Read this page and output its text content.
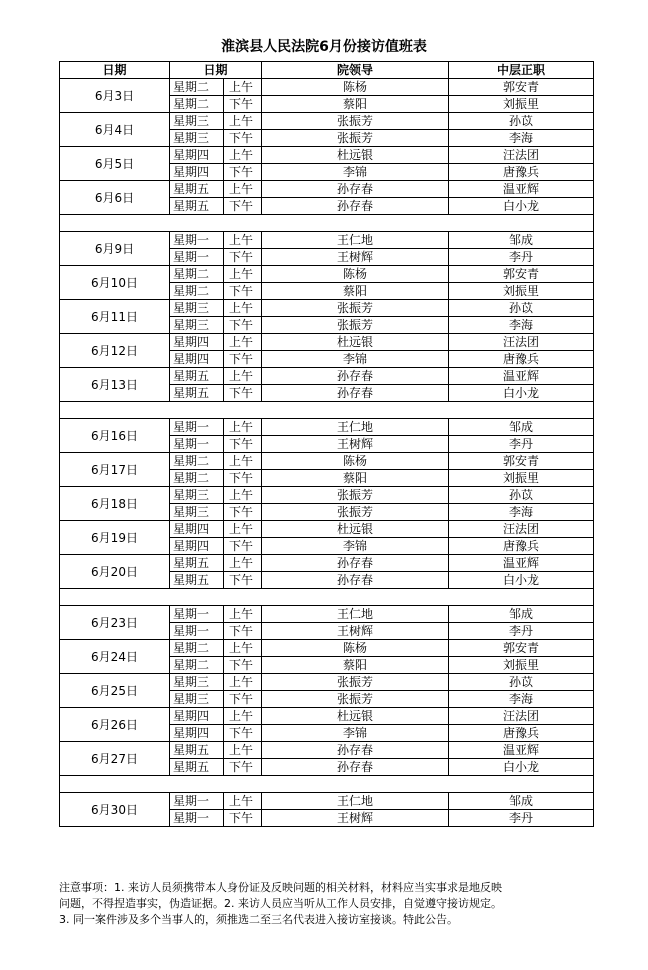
淮滨县人民法院6月份接访值班表
日期	日期		院领导	中层正职
6月3日	星期二	上午	陈杨	郭安青
	星期二	下午	蔡阳	刘振里
6月4日	星期三	上午	张振芳	孙苡
	星期三	下午	张振芳	李海
6月5日	星期四	上午	杜远银	汪法团
	星期四	下午	李锦	唐豫兵
6月6日	星期五	上午	孙存春	温亚辉
	星期五	下午	孙存春	白小龙

6月9日	星期一	上午	王仁地	邹成
	星期一	下午	王树辉	李丹
6月10日	星期二	上午	陈杨	郭安青
	星期二	下午	蔡阳	刘振里
6月11日	星期三	上午	张振芳	孙苡
	星期三	下午	张振芳	李海
6月12日	星期四	上午	杜远银	汪法团
	星期四	下午	李锦	唐豫兵
6月13日	星期五	上午	孙存春	温亚辉
	星期五	下午	孙存春	白小龙

6月16日	星期一	上午	王仁地	邹成
	星期一	下午	王树辉	李丹
6月17日	星期二	上午	陈杨	郭安青
	星期二	下午	蔡阳	刘振里
6月18日	星期三	上午	张振芳	孙苡
	星期三	下午	张振芳	李海
6月19日	星期四	上午	杜远银	汪法团
	星期四	下午	李锦	唐豫兵
6月20日	星期五	上午	孙存春	温亚辉
	星期五	下午	孙存春	白小龙

6月23日	星期一	上午	王仁地	邹成
	星期一	下午	王树辉	李丹
6月24日	星期二	上午	陈杨	郭安青
	星期二	下午	蔡阳	刘振里
6月25日	星期三	上午	张振芳	孙苡
	星期三	下午	张振芳	李海
6月26日	星期四	上午	杜远银	汪法团
	星期四	下午	李锦	唐豫兵
6月27日	星期五	上午	孙存春	温亚辉
	星期五	下午	孙存春	白小龙

6月30日	星期一	上午	王仁地	邹成
	星期一	下午	王树辉	李丹
注意事项：1. 来访人员须携带本人身份证及反映问题的相关材料，材料应当实事求是地反映
问题，不得捏造事实，伪造证据。2. 来访人员应当听从工作人员安排，自觉遵守接访规定。
3. 同一案件涉及多个当事人的，须推选二至三名代表进入接访室接谈。特此公告。
